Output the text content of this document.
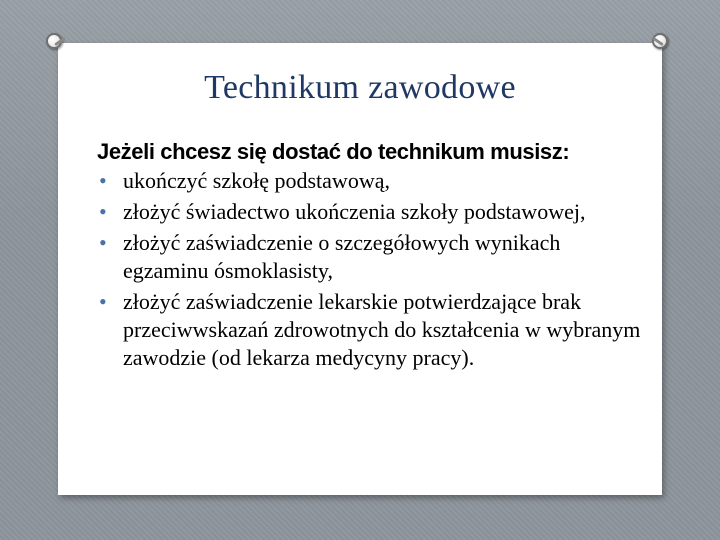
Technikum zawodowe

Jeżeli chcesz się dostać do technikum musisz:

• ukończyć szkołę podstawową,
• złożyć świadectwo ukończenia szkoły podstawowej,
• złożyć zaświadczenie o szczegółowych wynikach egzaminu ósmoklasisty,
• złożyć zaświadczenie lekarskie potwierdzające brak przeciwwskazań zdrowotnych do kształcenia w wybranym zawodzie (od lekarza medycyny pracy).
